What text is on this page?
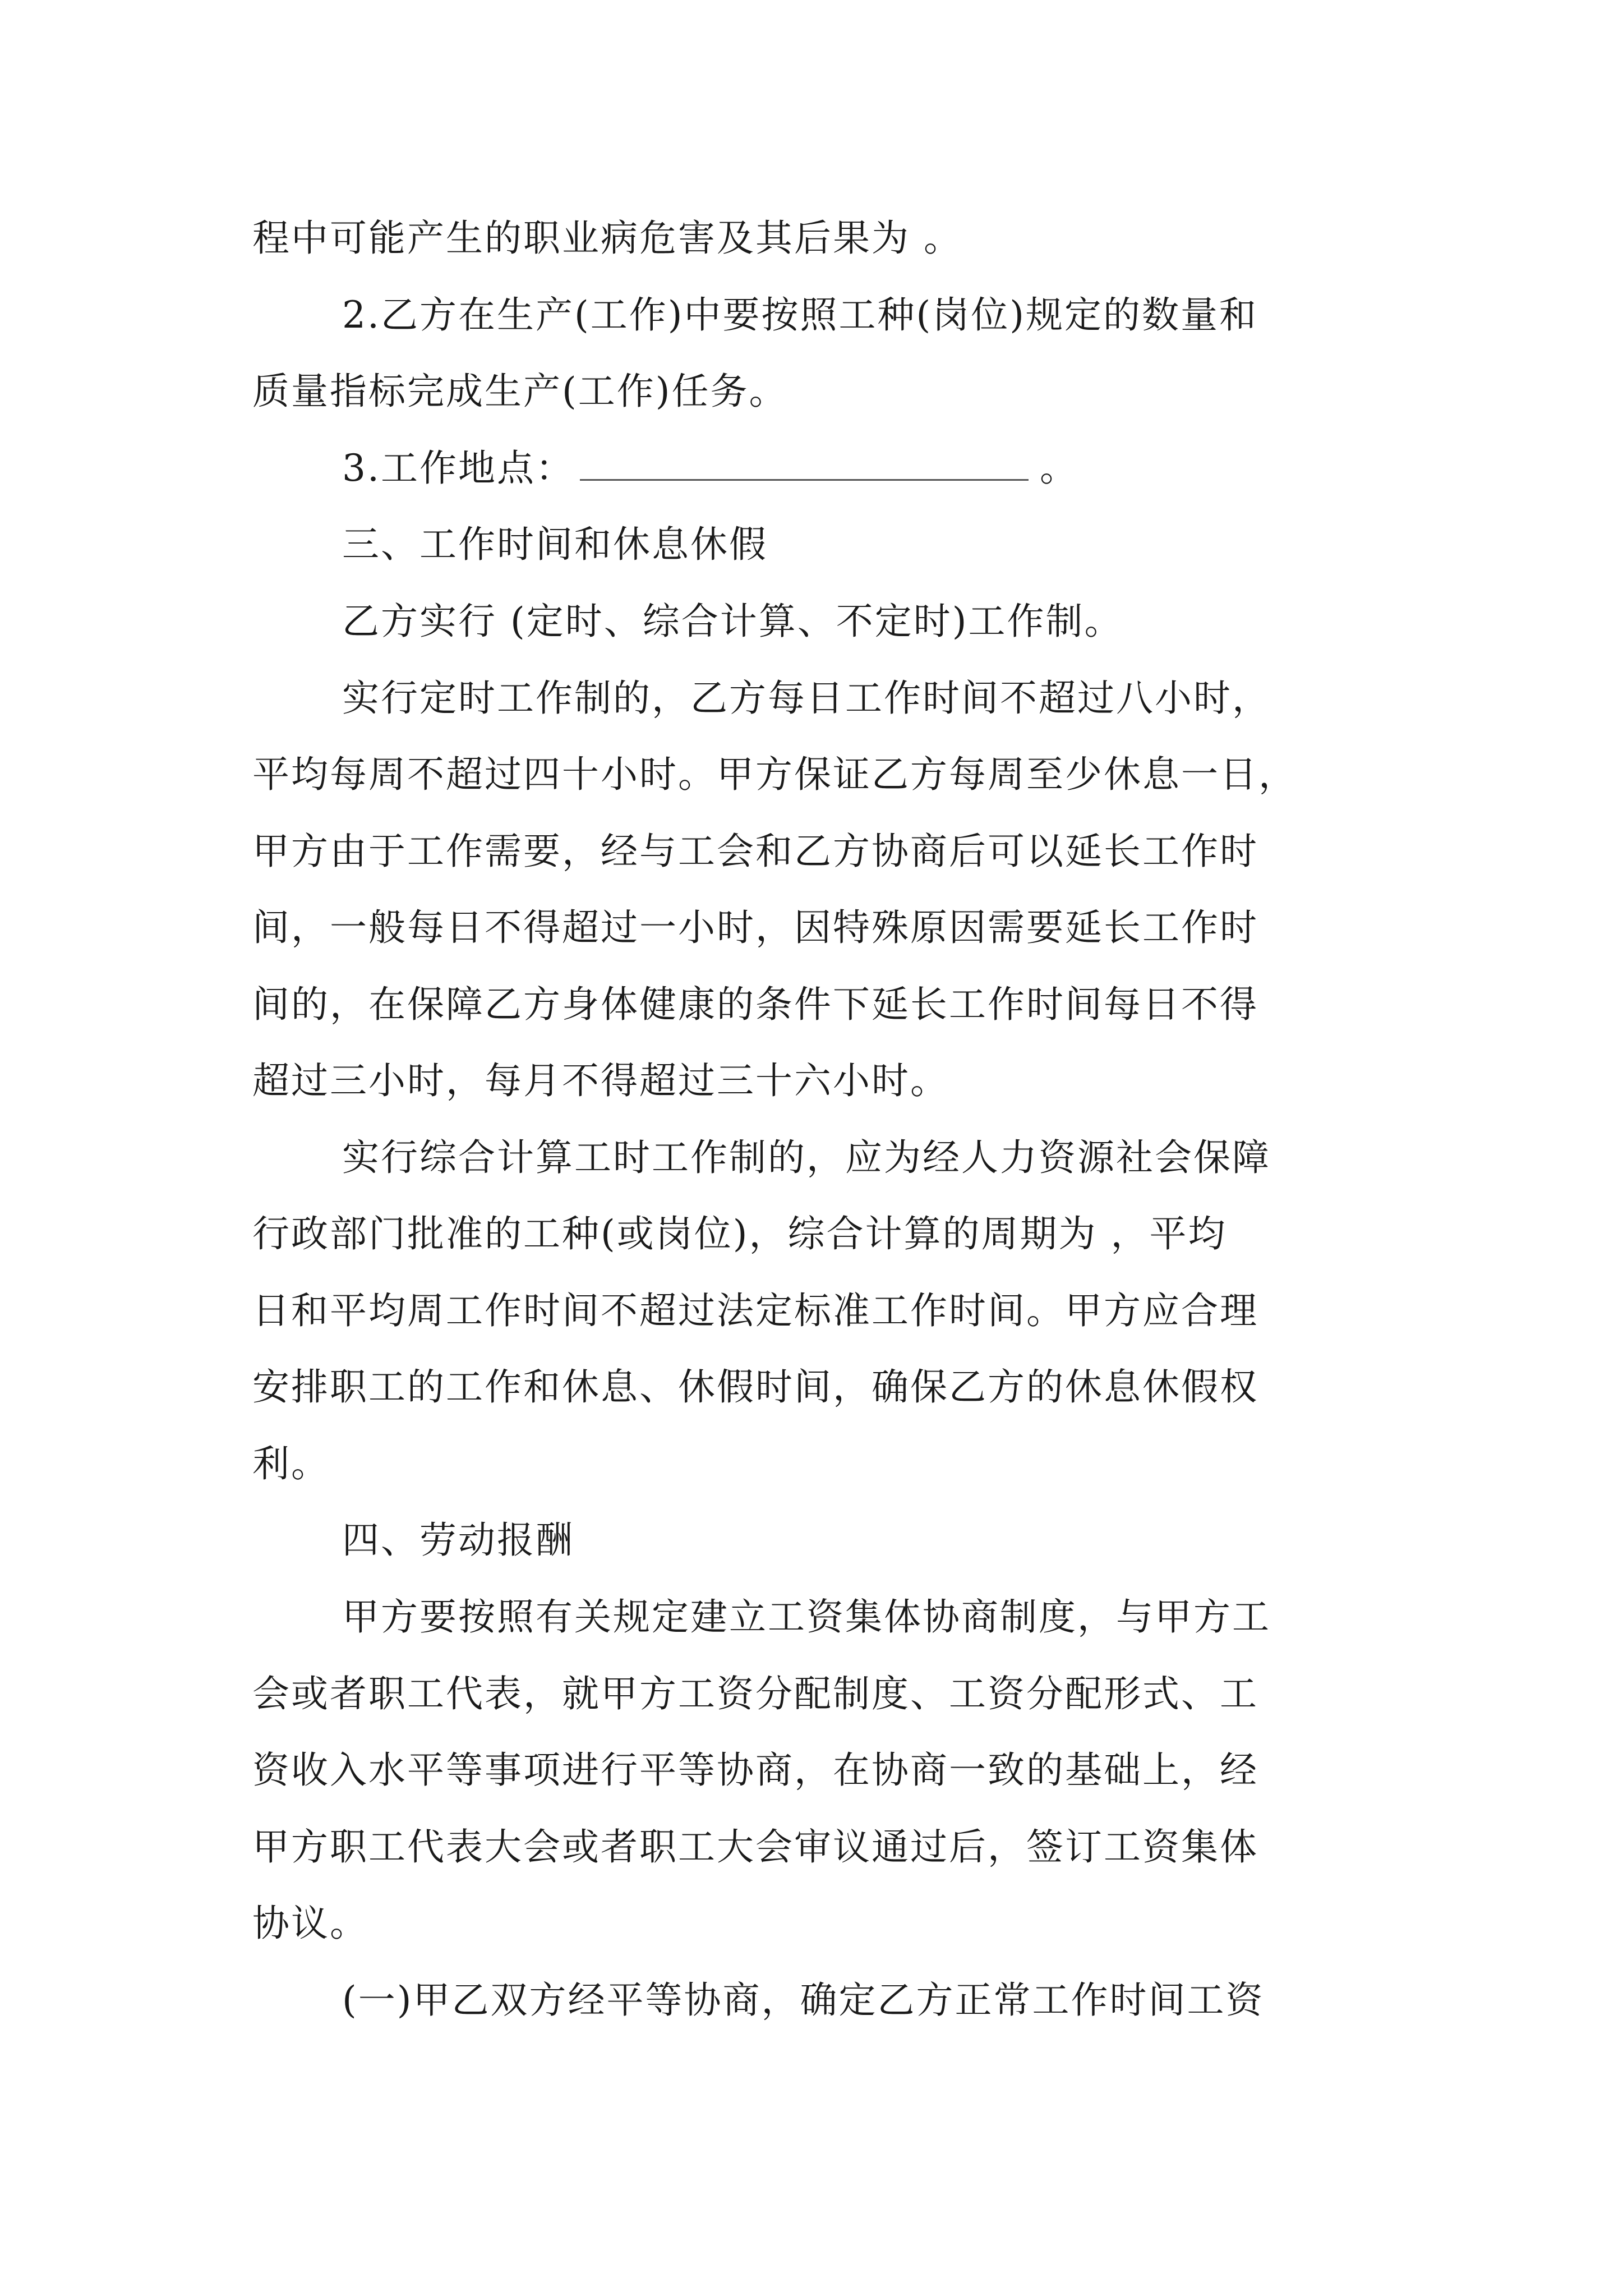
程中可能产生的职业病危害及其后果为 。
2.乙方在生产(工作)中要按照工种(岗位)规定的数量和
质量指标完成生产(工作)任务。
3.工作地点：	。
三、工作时间和休息休假
乙方实行 (定时、综合计算、不定时)工作制。
实行定时工作制的，乙方每日工作时间不超过八小时，
平均每周不超过四十小时。甲方保证乙方每周至少休息一日，
甲方由于工作需要，经与工会和乙方协商后可以延长工作时
间，一般每日不得超过一小时，因特殊原因需要延长工作时
间的，在保障乙方身体健康的条件下延长工作时间每日不得
超过三小时，每月不得超过三十六小时。
实行综合计算工时工作制的，应为经人力资源社会保障
行政部门批准的工种(或岗位)，综合计算的周期为 ，平均
日和平均周工作时间不超过法定标准工作时间。甲方应合理
安排职工的工作和休息、休假时间，确保乙方的休息休假权
利。
四、劳动报酬
甲方要按照有关规定建立工资集体协商制度，与甲方工
会或者职工代表，就甲方工资分配制度、工资分配形式、工
资收入水平等事项进行平等协商，在协商一致的基础上，经
甲方职工代表大会或者职工大会审议通过后，签订工资集体
协议。
(一)甲乙双方经平等协商，确定乙方正常工作时间工资
